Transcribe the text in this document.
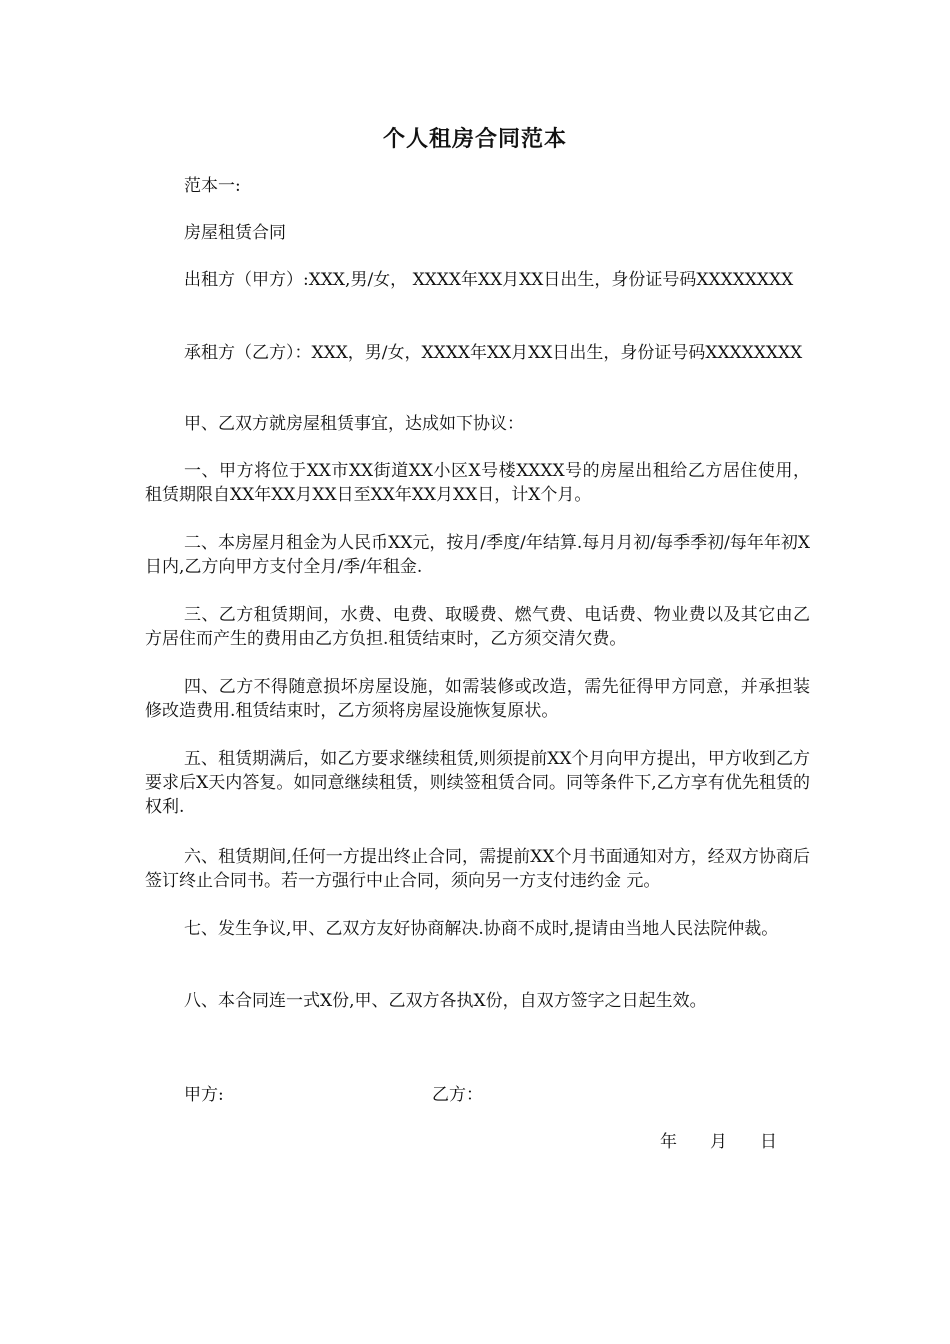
个人租房合同范本

范本一:

房屋租赁合同

出租方（甲方）:XXX,男/女， XXXX年XX月XX日出生，身份证号码XXXXXXXX

承租方（乙方）：XXX，男/女，XXXX年XX月XX日出生，身份证号码XXXXXXXX

甲、乙双方就房屋租赁事宜，达成如下协议：

一、甲方将位于XX市XX街道XX小区X号楼XXXX号的房屋出租给乙方居住使用，租赁期限自XX年XX月XX日至XX年XX月XX日，计X个月。

二、本房屋月租金为人民币XX元，按月/季度/年结算.每月月初/每季季初/每年年初X日内,乙方向甲方支付全月/季/年租金.

三、乙方租赁期间，水费、电费、取暖费、燃气费、电话费、物业费以及其它由乙方居住而产生的费用由乙方负担.租赁结束时，乙方须交清欠费。

四、乙方不得随意损坏房屋设施，如需装修或改造，需先征得甲方同意，并承担装修改造费用.租赁结束时，乙方须将房屋设施恢复原状。

五、租赁期满后，如乙方要求继续租赁,则须提前XX个月向甲方提出，甲方收到乙方要求后X天内答复。如同意继续租赁，则续签租赁合同。同等条件下,乙方享有优先租赁的权利.

六、租赁期间,任何一方提出终止合同，需提前XX个月书面通知对方，经双方协商后签订终止合同书。若一方强行中止合同，须向另一方支付违约金 元。

七、发生争议,甲、乙双方友好协商解决.协商不成时,提请由当地人民法院仲裁。

八、本合同连一式X份,甲、乙双方各执X份，自双方签字之日起生效。

甲方:	乙方：

年	月	日
